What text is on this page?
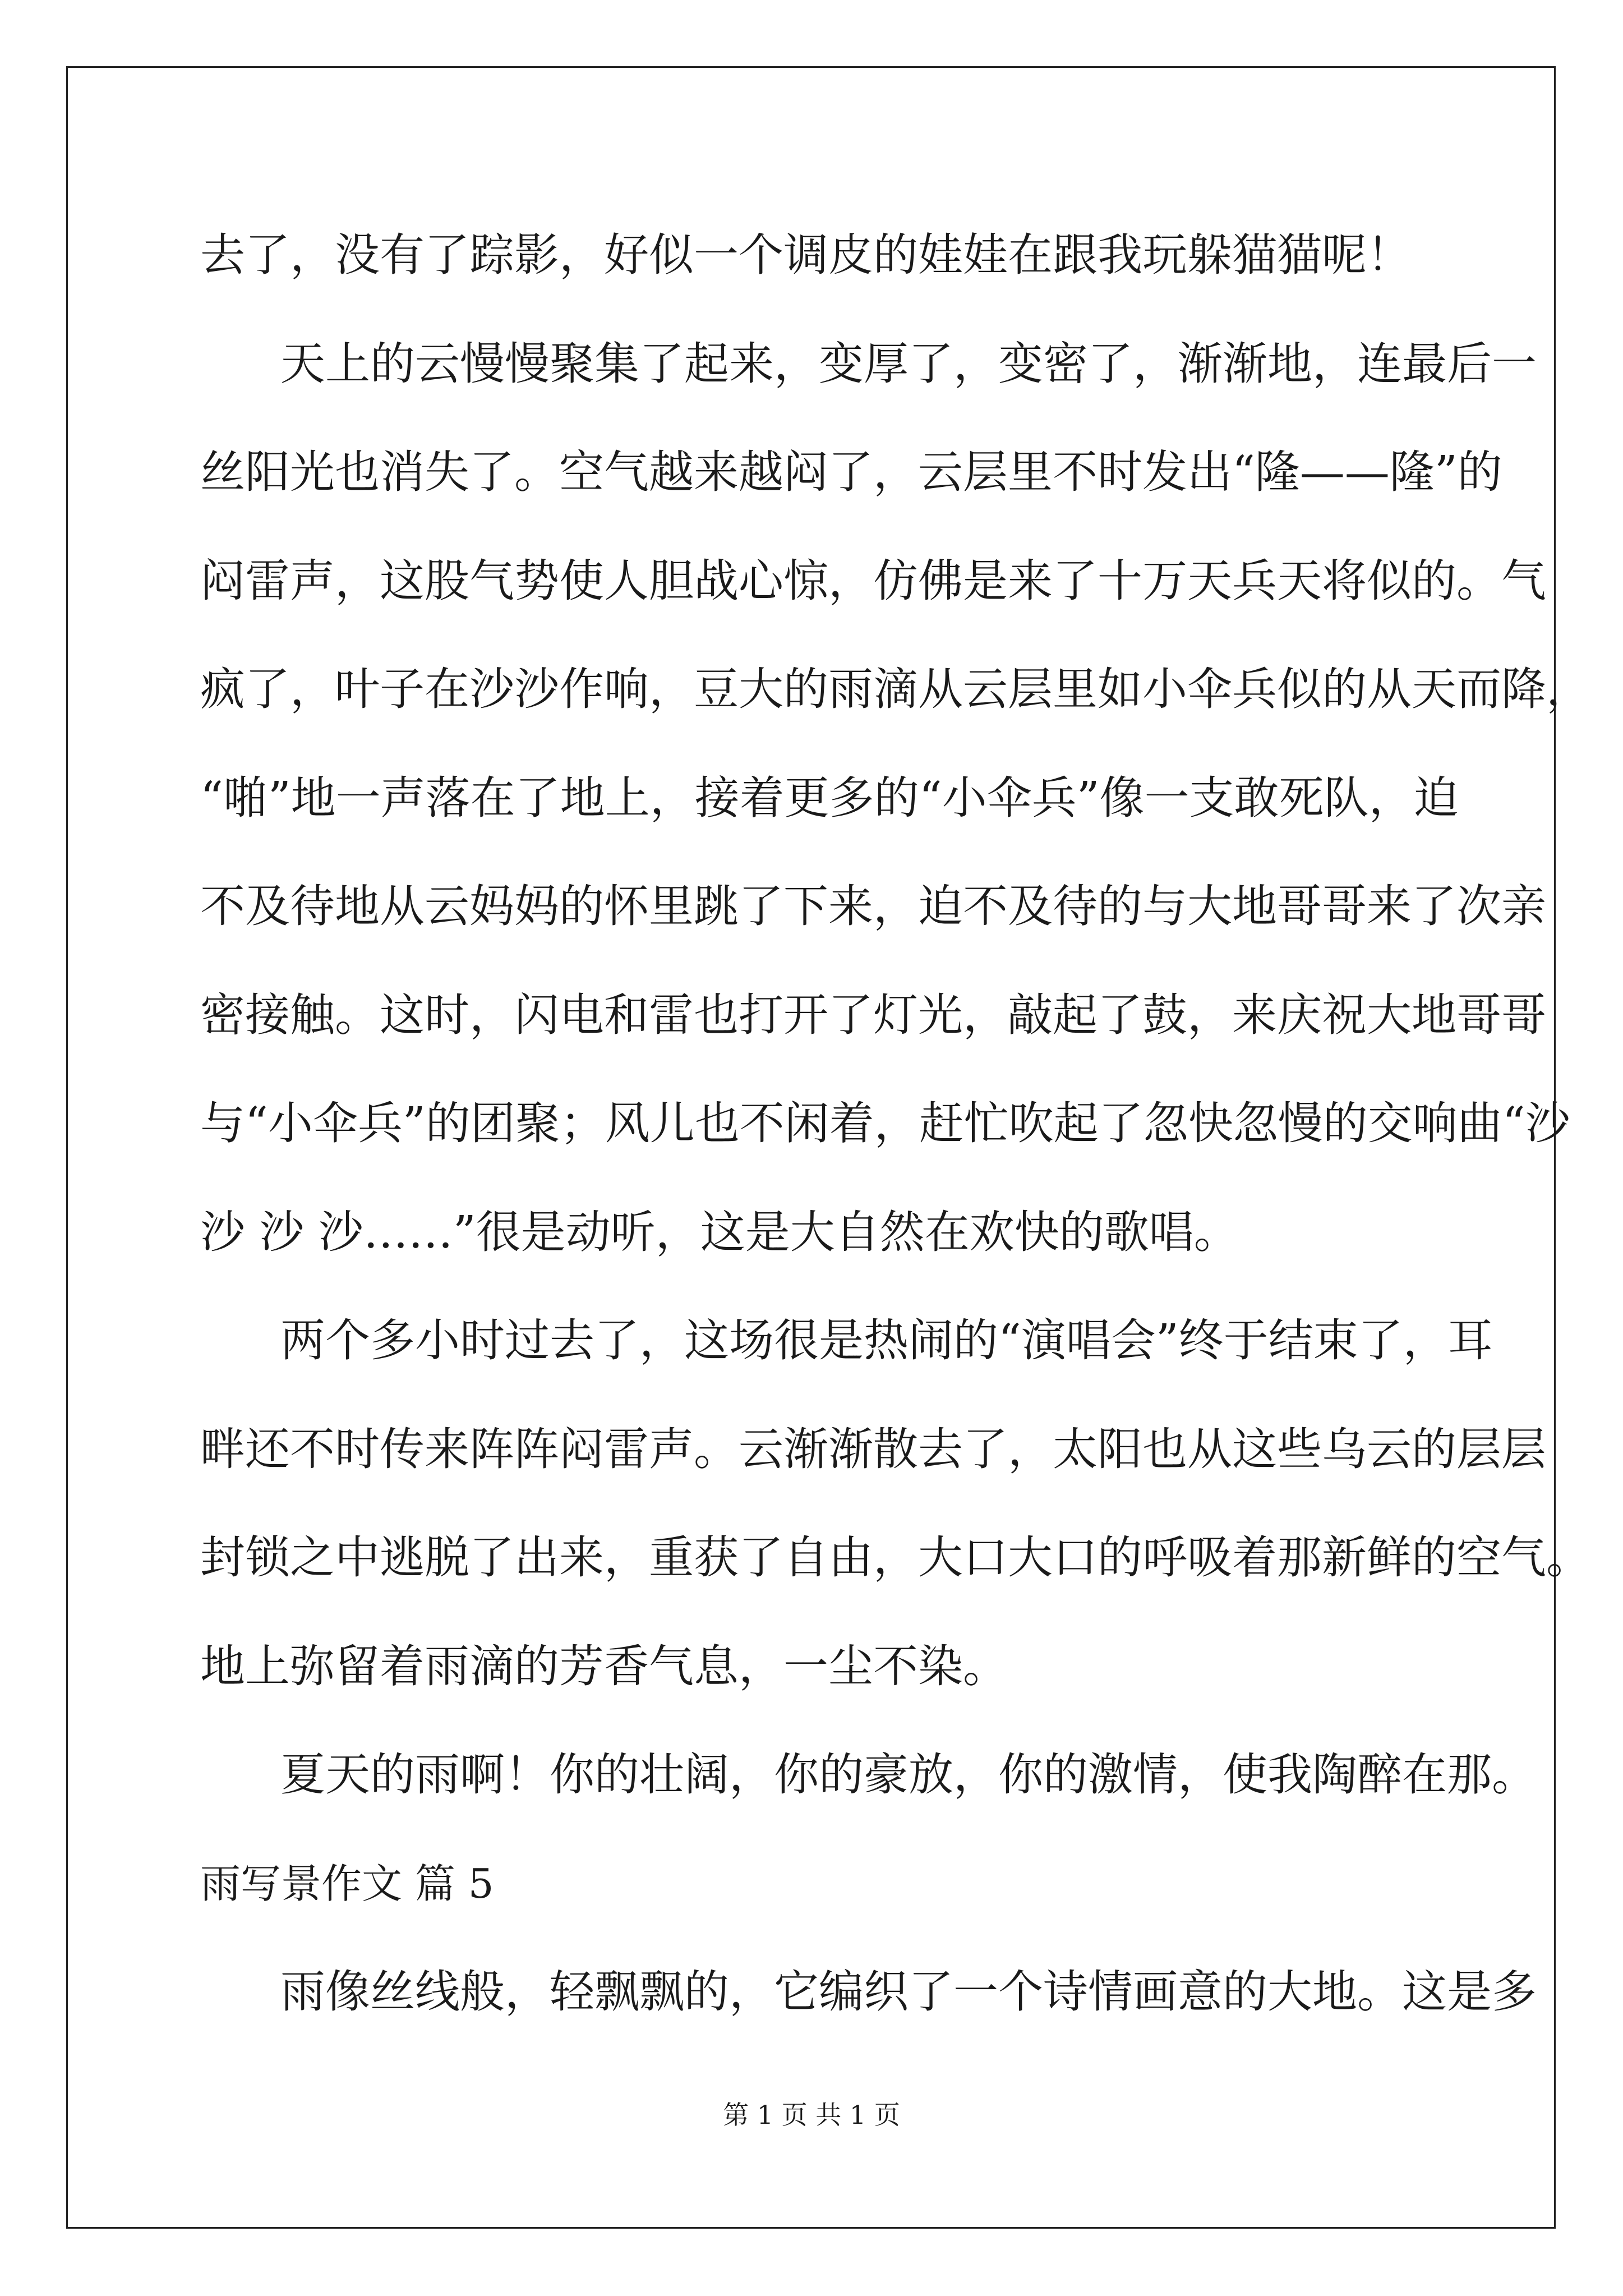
第 1 页 共 1 页
去了，没有了踪影，好似一个调皮的娃娃在跟我玩躲猫猫呢！
天上的云慢慢聚集了起来，变厚了，变密了，渐渐地，连最后一
丝阳光也消失了。空气越来越闷了，云层里不时发出“隆——隆”的
闷雷声，这股气势使人胆战心惊，仿佛是来了十万天兵天将似的。气
疯了，叶子在沙沙作响，豆大的雨滴从云层里如小伞兵似的从天而降，
“啪”地一声落在了地上，接着更多的“小伞兵”像一支敢死队，迫
不及待地从云妈妈的怀里跳了下来，迫不及待的与大地哥哥来了次亲
密接触。这时，闪电和雷也打开了灯光，敲起了鼓，来庆祝大地哥哥
与“小伞兵”的团聚；风儿也不闲着，赶忙吹起了忽快忽慢的交响曲“沙
沙 沙 沙……”很是动听，这是大自然在欢快的歌唱。
两个多小时过去了，这场很是热闹的“演唱会”终于结束了，耳
畔还不时传来阵阵闷雷声。云渐渐散去了，太阳也从这些乌云的层层
封锁之中逃脱了出来，重获了自由，大口大口的呼吸着那新鲜的空气。
地上弥留着雨滴的芳香气息，一尘不染。
夏天的雨啊！你的壮阔，你的豪放，你的激情，使我陶醉在那。
雨写景作文 篇 5
雨像丝线般，轻飘飘的，它编织了一个诗情画意的大地。这是多
